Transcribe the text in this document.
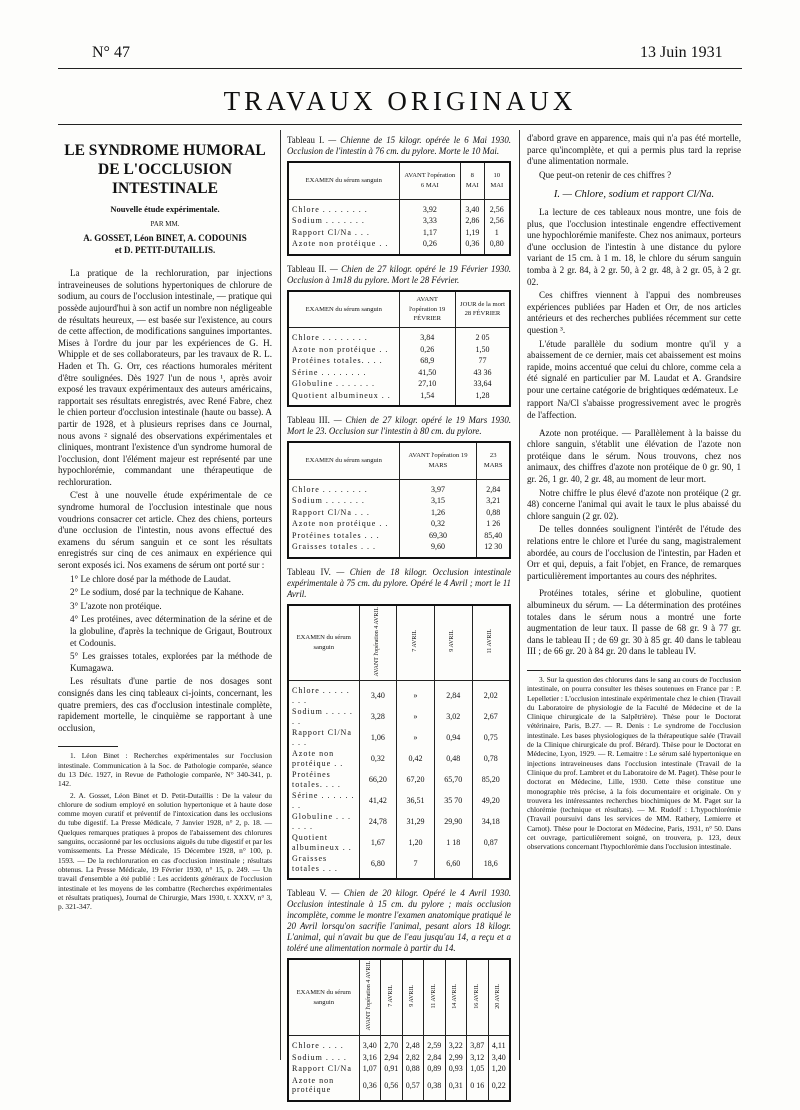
N° 47	13 Juin 1931
TRAVAUX ORIGINAUX
LE SYNDROME HUMORAL DE L'OCCLUSION INTESTINALE
Nouvelle étude expérimentale.
PAR MM.
A. GOSSET, Léon BINET, A. CODOUNIS
et D. PETIT-DUTAILLIS.

La pratique de la rechloruration, par injections intraveineuses de solutions hypertoniques de chlorure de sodium, au cours de l'occlusion intestinale, — pratique qui possède aujourd'hui à son actif un nombre non négligeable de résultats heureux, — est basée sur l'existence, au cours de cette affection, de modifications sanguines importantes. Mises à l'ordre du jour par les expériences de G. H. Whipple et de ses collaborateurs, par les travaux de R. L. Haden et Th. G. Orr, ces réactions humorales méritent d'être soulignées. Dès 1927 l'un de nous ¹, après avoir exposé les travaux expérimentaux des auteurs américains, rapportait ses résultats enregistrés, avec René Fabre, chez le chien porteur d'occlusion intestinale (haute ou basse). A partir de 1928, et à plusieurs reprises dans ce Journal, nous avons ² signalé des observations expérimentales et cliniques, montrant l'existence d'un syndrome humoral de l'occlusion, dont l'élément majeur est représenté par une hypochlorémie, commandant une thérapeutique de rechloruration.

C'est à une nouvelle étude expérimentale de ce syndrome humoral de l'occlusion intestinale que nous voudrions consacrer cet article. Chez des chiens, porteurs d'une occlusion de l'intestin, nous avons effectué des examens du sérum sanguin et ce sont les résultats enregistrés sur cinq de ces animaux en expérience qui seront exposés ici. Nos examens de sérum ont porté sur :

1° Le chlore dosé par la méthode de Laudat.

2° Le sodium, dosé par la technique de Kahane.

3° L'azote non protéique.

4° Les protéines, avec détermination de la sérine et de la globuline, d'après la technique de Grigaut, Boutroux et Codounis.

5° Les graisses totales, explorées par la méthode de Kumagawa.

Les résultats d'une partie de nos dosages sont consignés dans les cinq tableaux ci-joints, concernant, les quatre premiers, des cas d'occlusion intestinale complète, rapidement mortelle, le cinquième se rapportant à une occlusion,

1. Léon Binet : Recherches expérimentales sur l'occlusion intestinale. Communication à la Soc. de Pathologie comparée, séance du 13 Déc. 1927, in Revue de Pathologie comparée, N° 340-341, p. 142.

2. A. Gosset, Léon Binet et D. Petit-Dutaillis : De la valeur du chlorure de sodium employé en solution hypertonique et à haute dose comme moyen curatif et préventif de l'intoxication dans les occlusions du tube digestif. La Presse Médicale, 7 Janvier 1928, n° 2, p. 18. — Quelques remarques pratiques à propos de l'abaissement des chlorures sanguins, occasionné par les occlusions aiguës du tube digestif et par les vomissements. La Presse Médicale, 15 Décembre 1928, n° 100, p. 1593. — De la rechloruration en cas d'occlusion intestinale ; résultats obtenus. La Presse Médicale, 19 Février 1930, n° 15, p. 249. — Un travail d'ensemble a été publié : Les accidents généraux de l'occlusion intestinale et les moyens de les combattre (Recherches expérimentales et résultats pratiques), Journal de Chirurgie, Mars 1930, t. XXXV, n° 3, p. 321-347.

Tableau I. — Chienne de 15 kilogr. opérée le 6 Mai 1930. Occlusion de l'intestin à 76 cm. du pylore. Morte le 10 Mai.
EXAMEN du sérum sanguin	AVANT l'opération 6 MAI	8 MAI	10 MAI
Chlore . . . . . . . .	3,92	3,40	2,56
Sodium . . . . . . .	3,33	2,86	2,56
Rapport Cl/Na . . .	1,17	1,19	1
Azote non protéique . .	0,26	0,36	0,80
Tableau II. — Chien de 27 kilogr. opéré le 19 Février 1930. Occlusion à 1m18 du pylore. Mort le 28 Février.
EXAMEN du sérum sanguin	AVANT l'opération 19 FÉVRIER	JOUR de la mort 28 FÉVRIER
Chlore . . . . . . . .	3,84	2 05
Azote non protéique . .	0,26	1,50
Protéines totales. . . .	68,9	77
Sérine . . . . . . . .	41,50	43 36
Globuline . . . . . . .	27,10	33,64
Quotient albumineux . .	1,54	1,28
Tableau III. — Chien de 27 kilogr. opéré le 19 Mars 1930. Mort le 23. Occlusion sur l'intestin à 80 cm. du pylore.
EXAMEN du sérum sanguin	AVANT l'opération 19 MARS	23 MARS
Chlore . . . . . . . .	3,97	2,84
Sodium . . . . . . .	3,15	3,21
Rapport Cl/Na . . .	1,26	0,88
Azote non protéique . .	0,32	1 26
Protéines totales . . .	69,30	85,40
Graisses totales . . .	9,60	12 30
Tableau IV. — Chien de 18 kilogr. Occlusion intestinale expérimentale à 75 cm. du pylore. Opéré le 4 Avril ; mort le 11 Avril.
EXAMEN du sérum sanguin	AVANT l'opération 4 AVRIL	7 AVRIL	9 AVRIL	11 AVRIL
Chlore . . . . . . . .	3,40	»	2,84	2,02
Sodium . . . . . . .	3,28	»	3,02	2,67
Rapport Cl/Na . . .	1,06	»	0,94	0,75
Azote non protéique . .	0,32	0,42	0,48	0,78
Protéines totales. . . .	66,20	67,20	65,70	85,20
Sérine . . . . . . . .	41,42	36,51	35 70	49,20
Globuline . . . . . . .	24,78	31,29	29,90	34,18
Quotient albumineux . .	1,67	1,20	1 18	0,87
Graisses totales . . .	6,80	7	6,60	18,6
Tableau V. — Chien de 20 kilogr. Opéré le 4 Avril 1930. Occlusion intestinale à 15 cm. du pylore ; mais occlusion incomplète, comme le montre l'examen anatomique pratiqué le 20 Avril lorsqu'on sacrifie l'animal, pesant alors 18 kilogr. L'animal, qui n'avait bu que de l'eau jusqu'au 14, a reçu et a toléré une alimentation normale à partir du 14.
EXAMEN du sérum sanguin	AVANT l'opération 4 AVRIL	7 AVRIL	9 AVRIL	11 AVRIL	14 AVRIL	16 AVRIL	20 AVRIL
Chlore . . . .	3,40	2,70	2,48	2,59	3,22	3,87	4,11
Sodium . . . .	3,16	2,94	2,82	2,84	2,99	3,12	3,40
Rapport Cl/Na	1,07	0,91	0,88	0,89	0,93	1,05	1,20
Azote non protéique	0,36	0,56	0,57	0,38	0,31	0 16	0,22

d'abord grave en apparence, mais qui n'a pas été mortelle, parce qu'incomplète, et qui a permis plus tard la reprise d'une alimentation normale.

Que peut-on retenir de ces chiffres ?

I. — Chlore, sodium et rapport Cl/Na.

La lecture de ces tableaux nous montre, une fois de plus, que l'occlusion intestinale engendre effectivement une hypochlorémie manifeste. Chez nos animaux, porteurs d'une occlusion de l'intestin à une distance du pylore variant de 15 cm. à 1 m. 18, le chlore du sérum sanguin tomba à 2 gr. 84, à 2 gr. 50, à 2 gr. 48, à 2 gr. 05, à 2 gr. 02.

Ces chiffres viennent à l'appui des nombreuses expériences publiées par Haden et Orr, de nos articles antérieurs et des recherches publiées récemment sur cette question ³.

L'étude parallèle du sodium montre qu'il y a abaissement de ce dernier, mais cet abaissement est moins rapide, moins accentué que celui du chlore, comme cela a été signalé en particulier par M. Laudat et A. Grandsire pour une certaine catégorie de brightiques œdémateux. Le

rapport Na/Cl s'abaisse progressivement avec le progrès de l'affection.

Azote non protéique. — Parallèlement à la baisse du chlore sanguin, s'établit une élévation de l'azote non protéique dans le sérum. Nous trouvons, chez nos animaux, des chiffres d'azote non protéique de 0 gr. 90, 1 gr. 26, 1 gr. 40, 2 gr. 48, au moment de leur mort.

Notre chiffre le plus élevé d'azote non protéique (2 gr. 48) concerne l'animal qui avait le taux le plus abaissé du chlore sanguin (2 gr. 02).

De telles données soulignent l'intérêt de l'étude des relations entre le chlore et l'urée du sang, magistralement abordée, au cours de l'occlusion de l'intestin, par Haden et Orr et qui, depuis, a fait l'objet, en France, de remarques particulièrement importantes au cours des néphrites.

Protéines totales, sérine et globuline, quotient albumineux du sérum. — La détermination des protéines totales dans le sérum nous a montré une forte augmentation de leur taux. Il passe de 68 gr. 9 à 77 gr. dans le tableau II ; de 69 gr. 30 à 85 gr. 40 dans le tableau III ; de 66 gr. 20 à 84 gr. 20 dans le tableau IV.

3. Sur la question des chlorures dans le sang au cours de l'occlusion intestinale, on pourra consulter les thèses soutenues en France par : P. Lepelletier : L'occlusion intestinale expérimentale chez le chien (Travail du Laboratoire de physiologie de la Faculté de Médecine et de la Clinique chirurgicale de la Salpêtrière). Thèse pour le Doctorat vétérinaire, Paris, B.27. — R. Denis : Le syndrome de l'occlusion intestinale. Les bases physiologiques de la thérapeutique salée (Travail de la Clinique chirurgicale du prof. Bérard). Thèse pour le Doctorat en Médecine, Lyon, 1929. — R. Lemaitre : Le sérum salé hypertonique en injections intraveineuses dans l'occlusion intestinale (Travail de la Clinique du prof. Lambret et du Laboratoire de M. Paget). Thèse pour le doctorat en Médecine, Lille, 1930. Cette thèse constitue une monographie très précise, à la fois documentaire et originale. On y trouvera les intéressantes recherches biochimiques de M. Paget sur la chlorémie (technique et résultats). — M. Rudolf : L'hypochlorémie (Travail poursuivi dans les services de MM. Rathery, Lemierre et Carnot). Thèse pour le Doctorat en Médecine, Paris, 1931, n° 50. Dans cet ouvrage, particulièrement soigné, on trouvera, p. 123, deux observations concernant l'hypochlorémie dans l'occlusion intestinale.
